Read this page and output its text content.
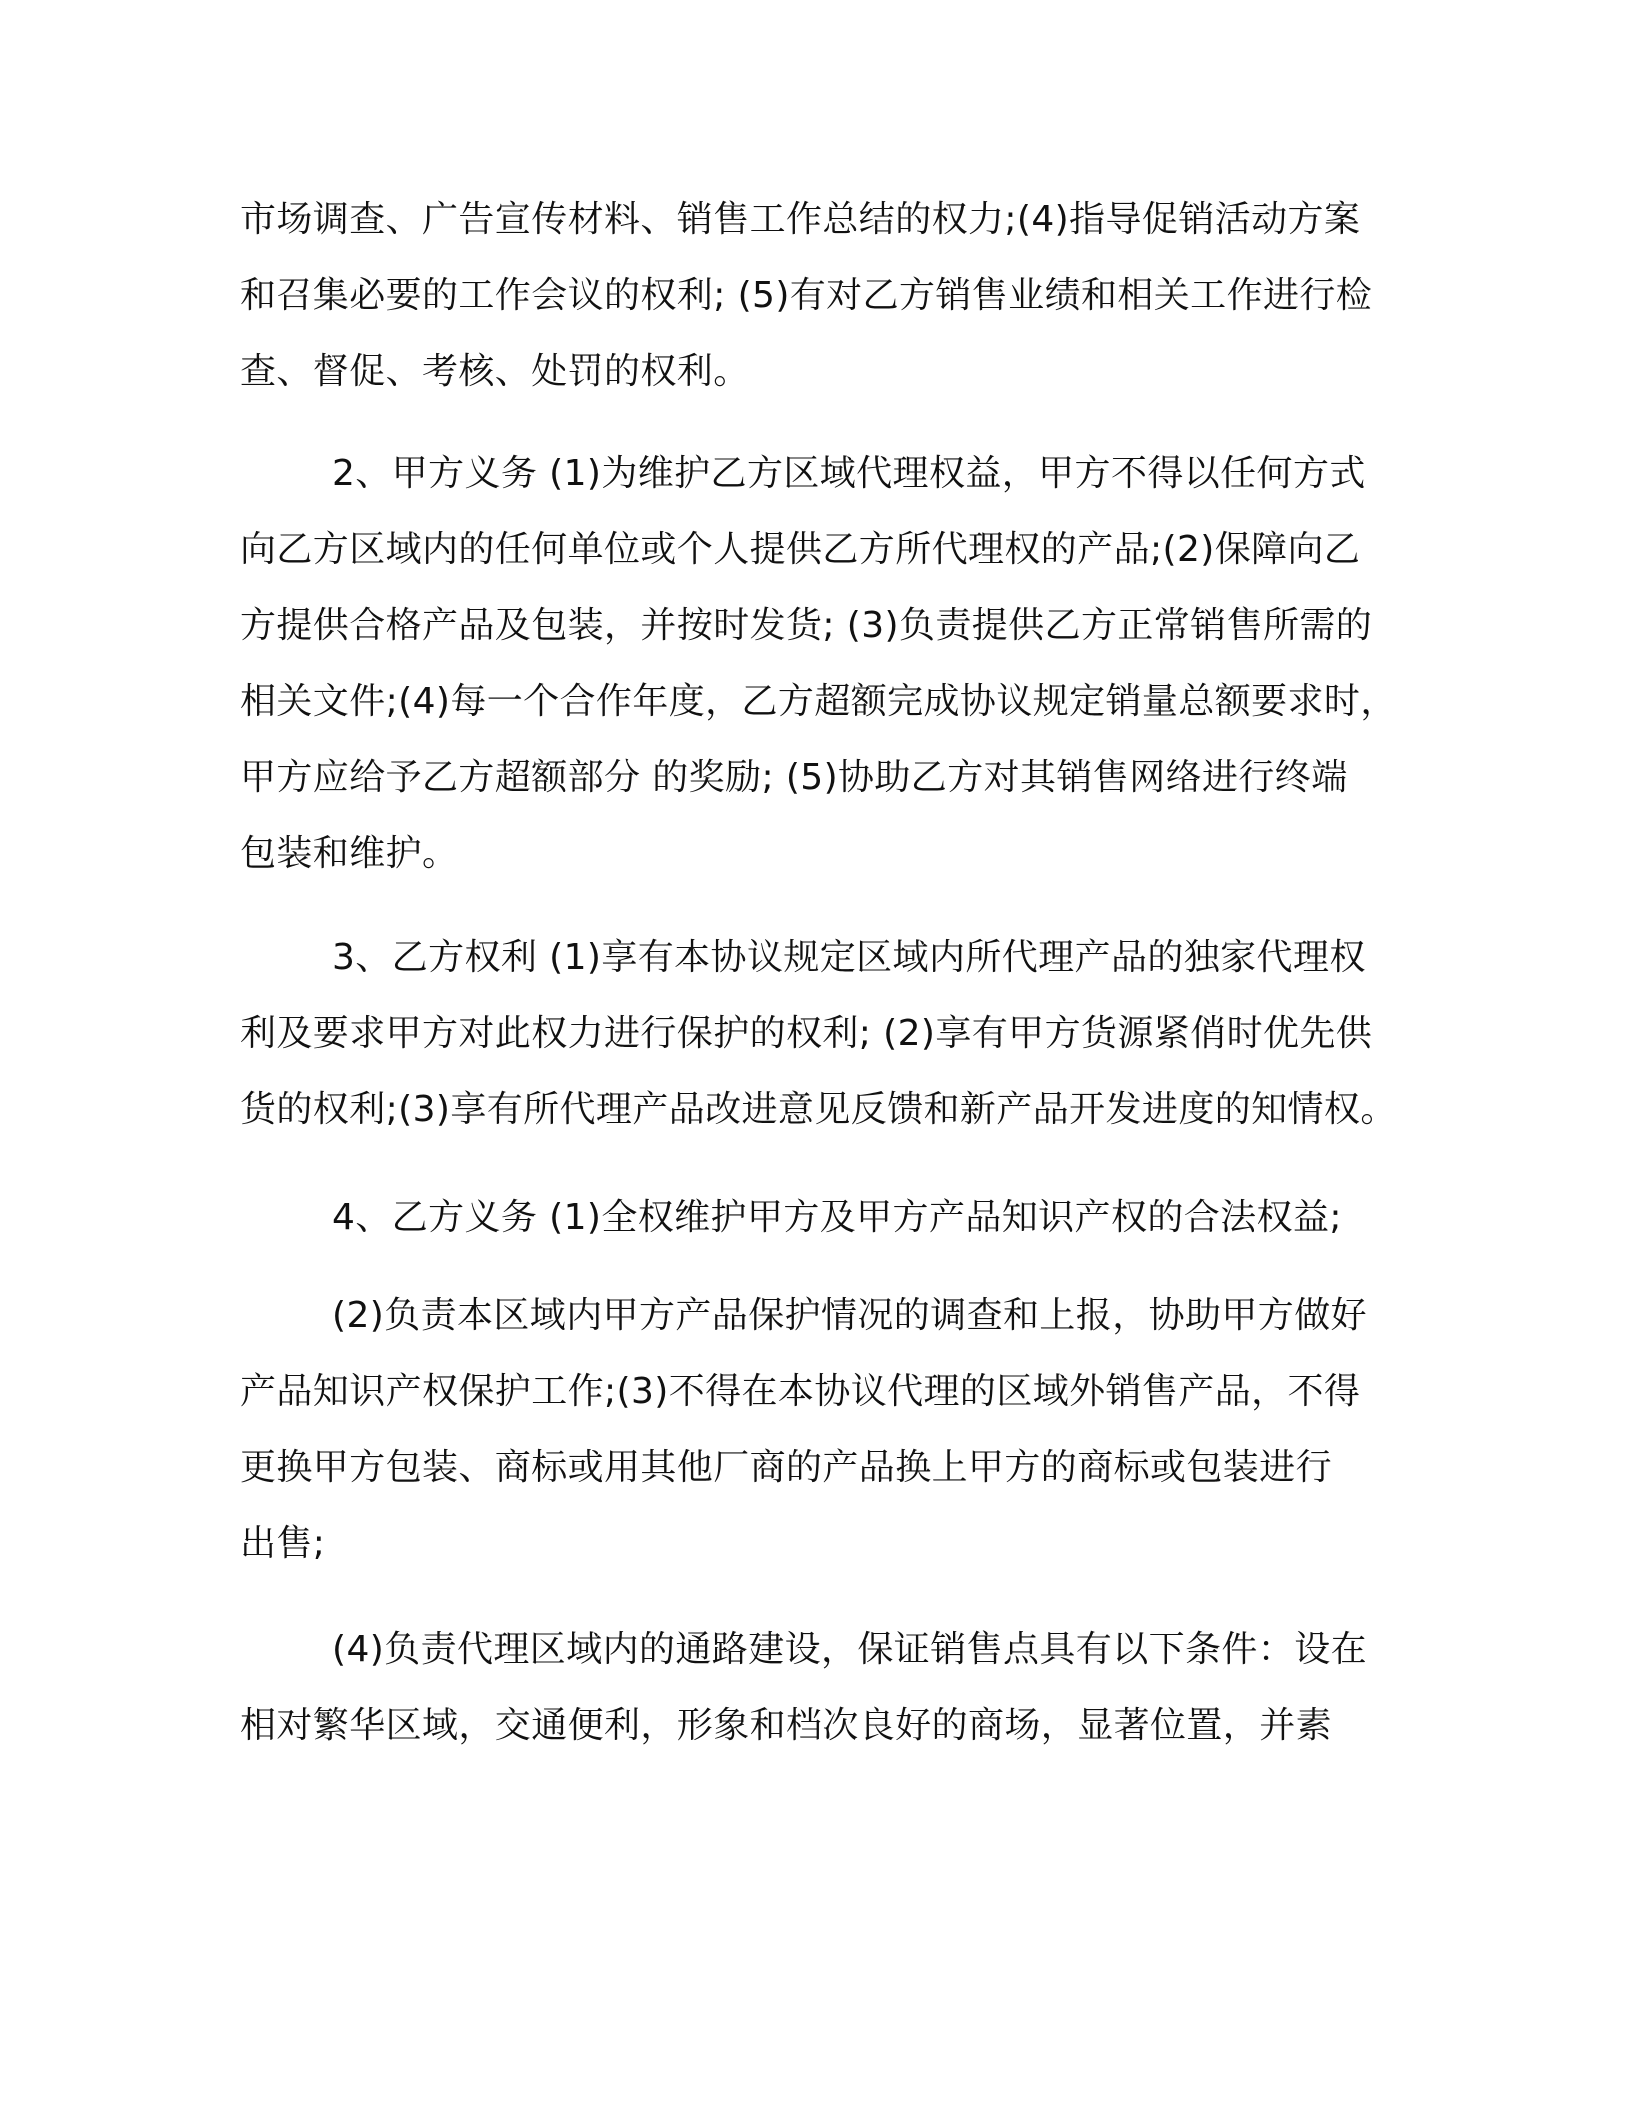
市场调查、广告宣传材料、销售工作总结的权力;(4)指导促销活动方案

和召集必要的工作会议的权利; (5)有对乙方销售业绩和相关工作进行检

查、督促、考核、处罚的权利。

2、甲方义务 (1)为维护乙方区域代理权益，甲方不得以任何方式

向乙方区域内的任何单位或个人提供乙方所代理权的产品;(2)保障向乙

方提供合格产品及包装，并按时发货; (3)负责提供乙方正常销售所需的

相关文件;(4)每一个合作年度，乙方超额完成协议规定销量总额要求时，

甲方应给予乙方超额部分 的奖励; (5)协助乙方对其销售网络进行终端

包装和维护。

3、乙方权利 (1)享有本协议规定区域内所代理产品的独家代理权

利及要求甲方对此权力进行保护的权利; (2)享有甲方货源紧俏时优先供

货的权利;(3)享有所代理产品改进意见反馈和新产品开发进度的知情权。

4、乙方义务 (1)全权维护甲方及甲方产品知识产权的合法权益;

(2)负责本区域内甲方产品保护情况的调查和上报，协助甲方做好

产品知识产权保护工作;(3)不得在本协议代理的区域外销售产品，不得

更换甲方包装、商标或用其他厂商的产品换上甲方的商标或包装进行

出售;

(4)负责代理区域内的通路建设，保证销售点具有以下条件：设在

相对繁华区域，交通便利，形象和档次良好的商场，显著位置，并素
